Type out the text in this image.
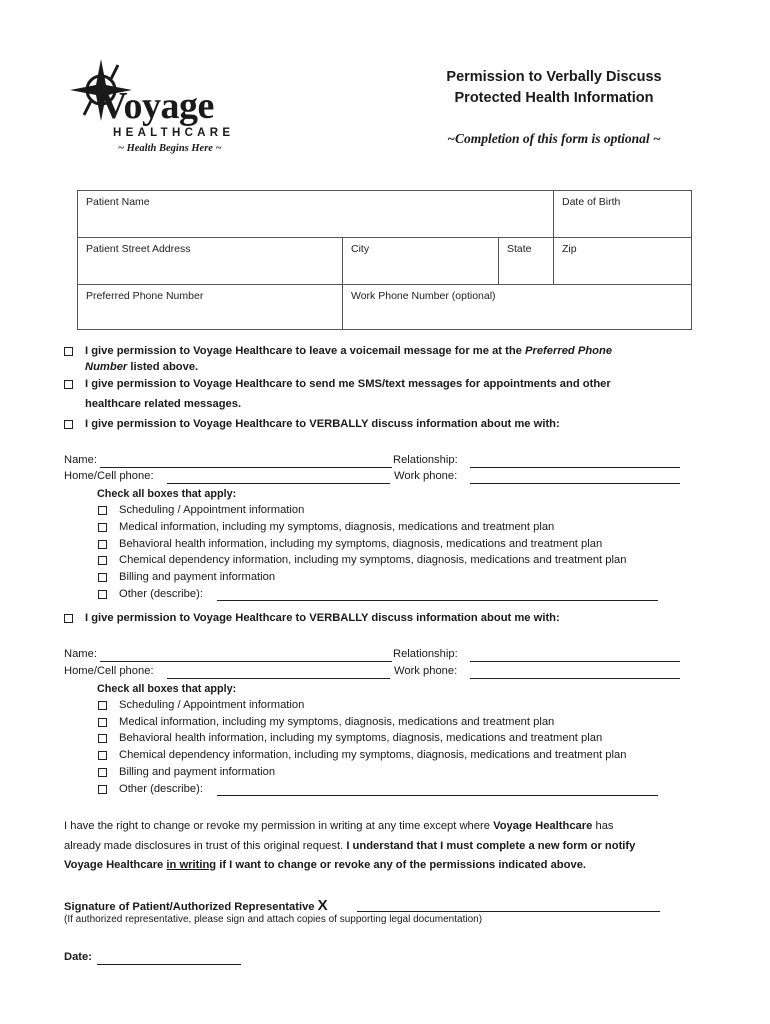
Voyage
HEALTHCARE
~ Health Begins Here ~
Permission to Verbally Discuss
Protected Health Information
~Completion of this form is optional ~
Patient Name	Date of Birth
Patient Street Address	City	State	Zip
Preferred Phone Number	Work Phone Number (optional)
I give permission to Voyage Healthcare to leave a voicemail message for me at the Preferred Phone
Number listed above.
I give permission to Voyage Healthcare to send me SMS/text messages for appointments and other
healthcare related messages.
I give permission to Voyage Healthcare to VERBALLY discuss information about me with:
Name:	Relationship:
Home/Cell phone:	Work phone:
Check all boxes that apply:
Scheduling / Appointment information
Medical information, including my symptoms, diagnosis, medications and treatment plan
Behavioral health information, including my symptoms, diagnosis, medications and treatment plan
Chemical dependency information, including my symptoms, diagnosis, medications and treatment plan
Billing and payment information
Other (describe):
I give permission to Voyage Healthcare to VERBALLY discuss information about me with:
Name:	Relationship:
Home/Cell phone:	Work phone:
Check all boxes that apply:
Scheduling / Appointment information
Medical information, including my symptoms, diagnosis, medications and treatment plan
Behavioral health information, including my symptoms, diagnosis, medications and treatment plan
Chemical dependency information, including my symptoms, diagnosis, medications and treatment plan
Billing and payment information
Other (describe):
I have the right to change or revoke my permission in writing at any time except where Voyage Healthcare has
already made disclosures in trust of this original request. I understand that I must complete a new form or notify
Voyage Healthcare in writing if I want to change or revoke any of the permissions indicated above.
Signature of Patient/Authorized Representative X
(If authorized representative, please sign and attach copies of supporting legal documentation)
Date:
